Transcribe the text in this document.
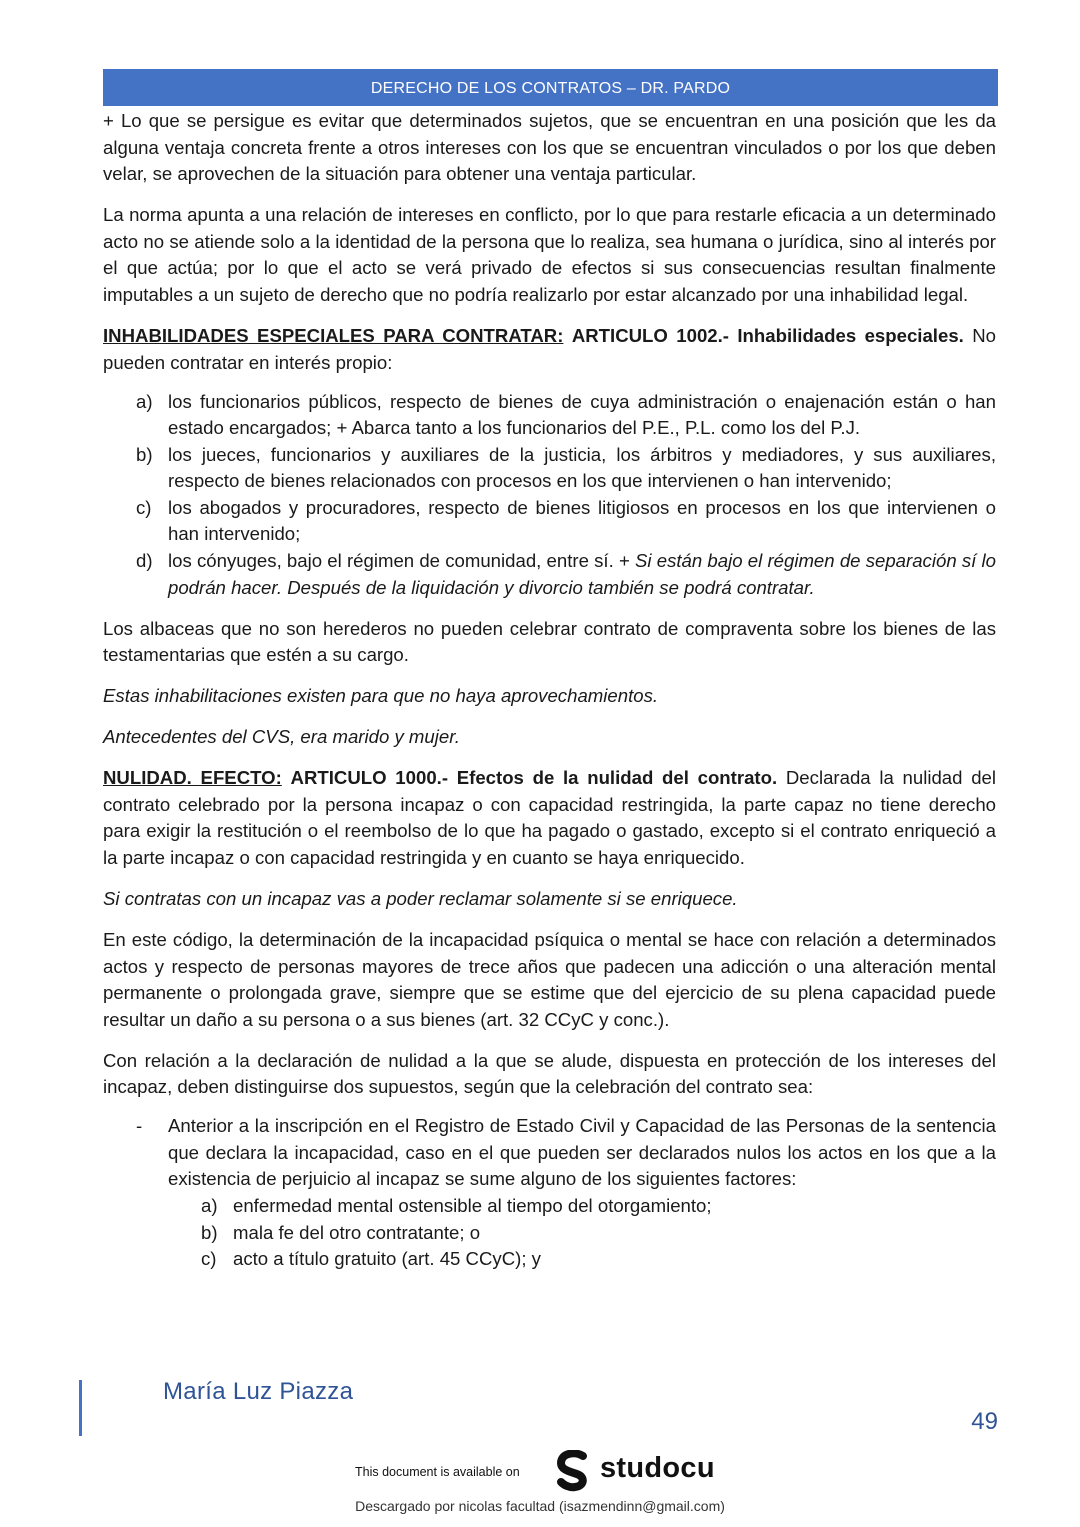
DERECHO DE LOS CONTRATOS – DR. PARDO

+ Lo que se persigue es evitar que determinados sujetos, que se encuentran en una posición que les da alguna ventaja concreta frente a otros intereses con los que se encuentran vinculados o por los que deben velar, se aprovechen de la situación para obtener una ventaja particular.

La norma apunta a una relación de intereses en conflicto, por lo que para restarle eficacia a un determinado acto no se atiende solo a la identidad de la persona que lo realiza, sea humana o jurídica, sino al interés por el que actúa; por lo que el acto se verá privado de efectos si sus consecuencias resultan finalmente imputables a un sujeto de derecho que no podría realizarlo por estar alcanzado por una inhabilidad legal.

INHABILIDADES ESPECIALES PARA CONTRATAR: ARTICULO 1002.- Inhabilidades especiales. No pueden contratar en interés propio:

a) los funcionarios públicos, respecto de bienes de cuya administración o enajenación están o han estado encargados; + Abarca tanto a los funcionarios del P.E., P.L. como los del P.J.
b) los jueces, funcionarios y auxiliares de la justicia, los árbitros y mediadores, y sus auxiliares, respecto de bienes relacionados con procesos en los que intervienen o han intervenido;
c) los abogados y procuradores, respecto de bienes litigiosos en procesos en los que intervienen o han intervenido;
d) los cónyuges, bajo el régimen de comunidad, entre sí. + Si están bajo el régimen de separación sí lo podrán hacer. Después de la liquidación y divorcio también se podrá contratar.

Los albaceas que no son herederos no pueden celebrar contrato de compraventa sobre los bienes de las testamentarias que estén a su cargo.

Estas inhabilitaciones existen para que no haya aprovechamientos.

Antecedentes del CVS, era marido y mujer.

NULIDAD. EFECTO: ARTICULO 1000.- Efectos de la nulidad del contrato. Declarada la nulidad del contrato celebrado por la persona incapaz o con capacidad restringida, la parte capaz no tiene derecho para exigir la restitución o el reembolso de lo que ha pagado o gastado, excepto si el contrato enriqueció a la parte incapaz o con capacidad restringida y en cuanto se haya enriquecido.

Si contratas con un incapaz vas a poder reclamar solamente si se enriquece.

En este código, la determinación de la incapacidad psíquica o mental se hace con relación a determinados actos y respecto de personas mayores de trece años que padecen una adicción o una alteración mental permanente o prolongada grave, siempre que se estime que del ejercicio de su plena capacidad puede resultar un daño a su persona o a sus bienes (art. 32 CCyC y conc.).

Con relación a la declaración de nulidad a la que se alude, dispuesta en protección de los intereses del incapaz, deben distinguirse dos supuestos, según que la celebración del contrato sea:

-	Anterior a la inscripción en el Registro de Estado Civil y Capacidad de las Personas de la sentencia que declara la incapacidad, caso en el que pueden ser declarados nulos los actos en los que a la existencia de perjuicio al incapaz se sume alguno de los siguientes factores:
a) enfermedad mental ostensible al tiempo del otorgamiento;
b) mala fe del otro contratante; o
c) acto a título gratuito (art. 45 CCyC); y
María Luz Piazza
49
This document is available on	studocu
Descargado por nicolas facultad (isazmendinn@gmail.com)
